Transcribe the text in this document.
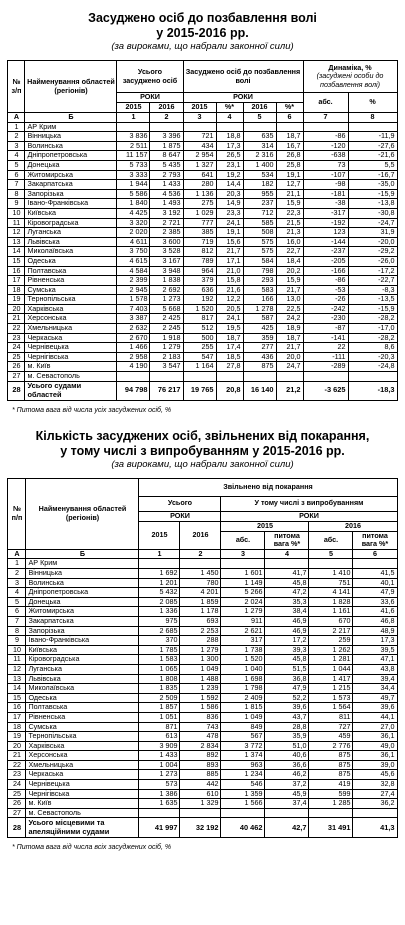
Засуджено осіб до позбавлення волі
у 2015-2016 рр.
(за вироками, що набрали законної сили)
№ з/п	Найменування областей (регіонів)	Усього засуджено осіб		Засуджено осіб до позбавлення волі				Динаміка, %
(засуджені особи до позбавлення волі)	
		РОКИ		РОКИ				абс.	%
		2015	2016	2015	%*	2016	%*		
А	Б	1	2	3	4	5	6	7	8
1	АР Крим								
2	Вінницька	3 836	3 396	721	18,8	635	18,7	-86	-11,9
3	Волинська	2 511	1 875	434	17,3	314	16,7	-120	-27,6
4	Дніпропетровська	11 157	8 647	2 954	26,5	2 316	26,8	-638	-21,6
5	Донецька	5 733	5 435	1 327	23,1	1 400	25,8	73	5,5
6	Житомирська	3 333	2 793	641	19,2	534	19,1	-107	-16,7
7	Закарпатська	1 944	1 433	280	14,4	182	12,7	-98	-35,0
8	Запорізька	5 586	4 536	1 136	20,3	955	21,1	-181	-15,9
9	Івано-Франківська	1 840	1 493	275	14,9	237	15,9	-38	-13,8
10	Київська	4 425	3 192	1 029	23,3	712	22,3	-317	-30,8
11	Кіровоградська	3 320	2 721	777	24,1	585	21,5	-192	-24,7
12	Луганська	2 020	2 385	385	19,1	508	21,3	123	31,9
13	Львівська	4 611	3 600	719	15,6	575	16,0	-144	-20,0
14	Миколаївська	3 750	3 528	812	21,7	575	22,7	-237	-29,2
15	Одеська	4 615	3 167	789	17,1	584	18,4	-205	-26,0
16	Полтавська	4 584	3 948	964	21,0	798	20,2	-166	-17,2
17	Рівненська	2 399	1 838	379	15,8	293	15,9	-86	-22,7
18	Сумська	2 945	2 692	636	21,6	583	21,7	-53	-8,3
19	Тернопільська	1 578	1 273	192	12,2	166	13,0	-26	-13,5
20	Харківська	7 403	5 668	1 520	20,5	1 278	22,5	-242	-15,9
21	Херсонська	3 387	2 425	817	24,1	587	24,2	-230	-28,2
22	Хмельницька	2 632	2 245	512	19,5	425	18,9	-87	-17,0
23	Черкаська	2 670	1 918	500	18,7	359	18,7	-141	-28,2
24	Чернівецька	1 466	1 279	255	17,4	277	21,7	22	8,6
25	Чернігівська	2 958	2 183	547	18,5	436	20,0	-111	-20,3
26	м. Київ	4 190	3 547	1 164	27,8	875	24,7	-289	-24,8
27	м. Севастополь								
28	Усього судами областей	94 798	76 217	19 765	20,8	16 140	21,2	-3 625	-18,3
* Питома вага від числа усіх засуджених осіб, %
Кількість засуджених осіб, звільнених від покарання,
у тому числі з випробуванням у 2015-2016 рр.
(за вироками, що набрали законної сили)
№ п/п	Найменування областей (регіонів)	Звільнено від покарання					
		Усього		У тому числі з випробуванням			
		РОКИ		РОКИ			
		2015	2016	2015		2016	
				абс.	питома вага %*	абс.	питома вага %*
А	Б	1	2	3	4	5	6
1	АР Крим						
2	Вінницька	1 692	1 450	1 601	41,7	1 410	41,5
3	Волинська	1 201	780	1 149	45,8	751	40,1
4	Дніпропетровська	5 432	4 201	5 266	47,2	4 141	47,9
5	Донецька	2 085	1 859	2 024	35,3	1 828	33,6
6	Житомирська	1 336	1 178	1 279	38,4	1 161	41,6
7	Закарпатська	975	693	911	46,9	670	46,8
8	Запорізька	2 685	2 253	2 621	46,9	2 217	48,9
9	Івано-Франківська	370	288	317	17,2	259	17,3
10	Київська	1 785	1 279	1 738	39,3	1 262	39,5
11	Кіровоградська	1 583	1 300	1 520	45,8	1 281	47,1
12	Луганська	1 065	1 049	1 040	51,5	1 044	43,8
13	Львівська	1 808	1 488	1 698	36,8	1 417	39,4
14	Миколаївська	1 835	1 239	1 798	47,9	1 215	34,4
15	Одеська	2 509	1 592	2 409	52,2	1 573	49,7
16	Полтавська	1 857	1 586	1 815	39,6	1 564	39,6
17	Рівненська	1 051	836	1 049	43,7	811	44,1
18	Сумська	871	743	849	28,8	727	27,0
19	Тернопільська	613	478	567	35,9	459	36,1
20	Харківська	3 909	2 834	3 772	51,0	2 776	49,0
21	Херсонська	1 433	892	1 374	40,6	875	36,1
22	Хмельницька	1 004	893	963	36,6	875	39,0
23	Черкаська	1 273	885	1 234	46,2	875	45,6
24	Чернівецька	573	442	546	37,2	419	32,8
25	Чернігівська	1 386	610	1 359	45,9	599	27,4
26	м. Київ	1 635	1 329	1 566	37,4	1 285	36,2
27	м. Севастополь						
28	Усього місцевими та апеляційними судами	41 997	32 192	40 462	42,7	31 491	41,3
* Питома вага від числа всіх засуджених осіб, %
